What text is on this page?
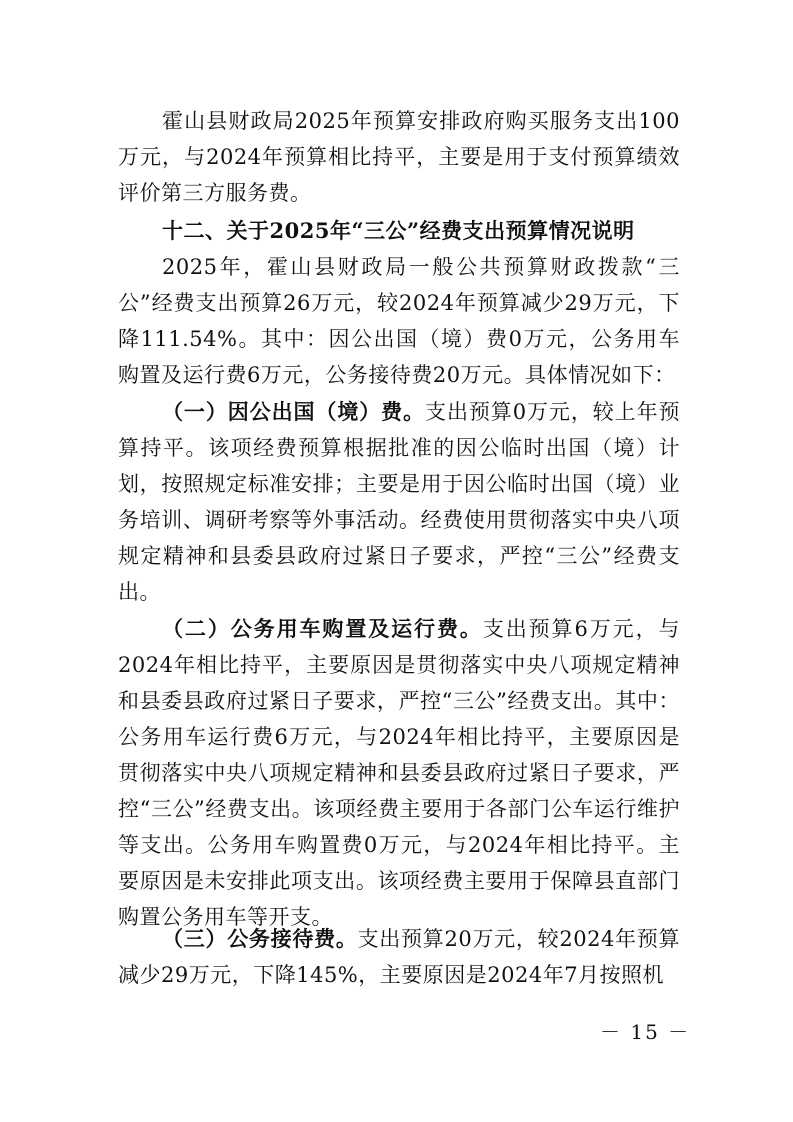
霍山县财政局2025年预算安排政府购买服务支出100万元，与2024年预算相比持平，主要是用于支付预算绩效评价第三方服务费。

十二、关于2025年“三公”经费支出预算情况说明

2025年，霍山县财政局一般公共预算财政拨款“三公”经费支出预算26万元，较2024年预算减少29万元，下降111.54%。其中：因公出国（境）费0万元，公务用车购置及运行费6万元，公务接待费20万元。具体情况如下：

（一）因公出国（境）费。支出预算0万元，较上年预算持平。该项经费预算根据批准的因公临时出国（境）计划，按照规定标准安排；主要是用于因公临时出国（境）业务培训、调研考察等外事活动。经费使用贯彻落实中央八项规定精神和县委县政府过紧日子要求，严控“三公”经费支出。

（二）公务用车购置及运行费。支出预算6万元，与2024年相比持平，主要原因是贯彻落实中央八项规定精神和县委县政府过紧日子要求，严控“三公”经费支出。其中：公务用车运行费6万元，与2024年相比持平，主要原因是贯彻落实中央八项规定精神和县委县政府过紧日子要求，严控“三公”经费支出。该项经费主要用于各部门公车运行维护等支出。公务用车购置费0万元，与2024年相比持平。主要原因是未安排此项支出。该项经费主要用于保障县直部门购置公务用车等开支。

（三）公务接待费。支出预算20万元，较2024年预算减少29万元，下降145%，主要原因是2024年7月按照机

－ 15 －
